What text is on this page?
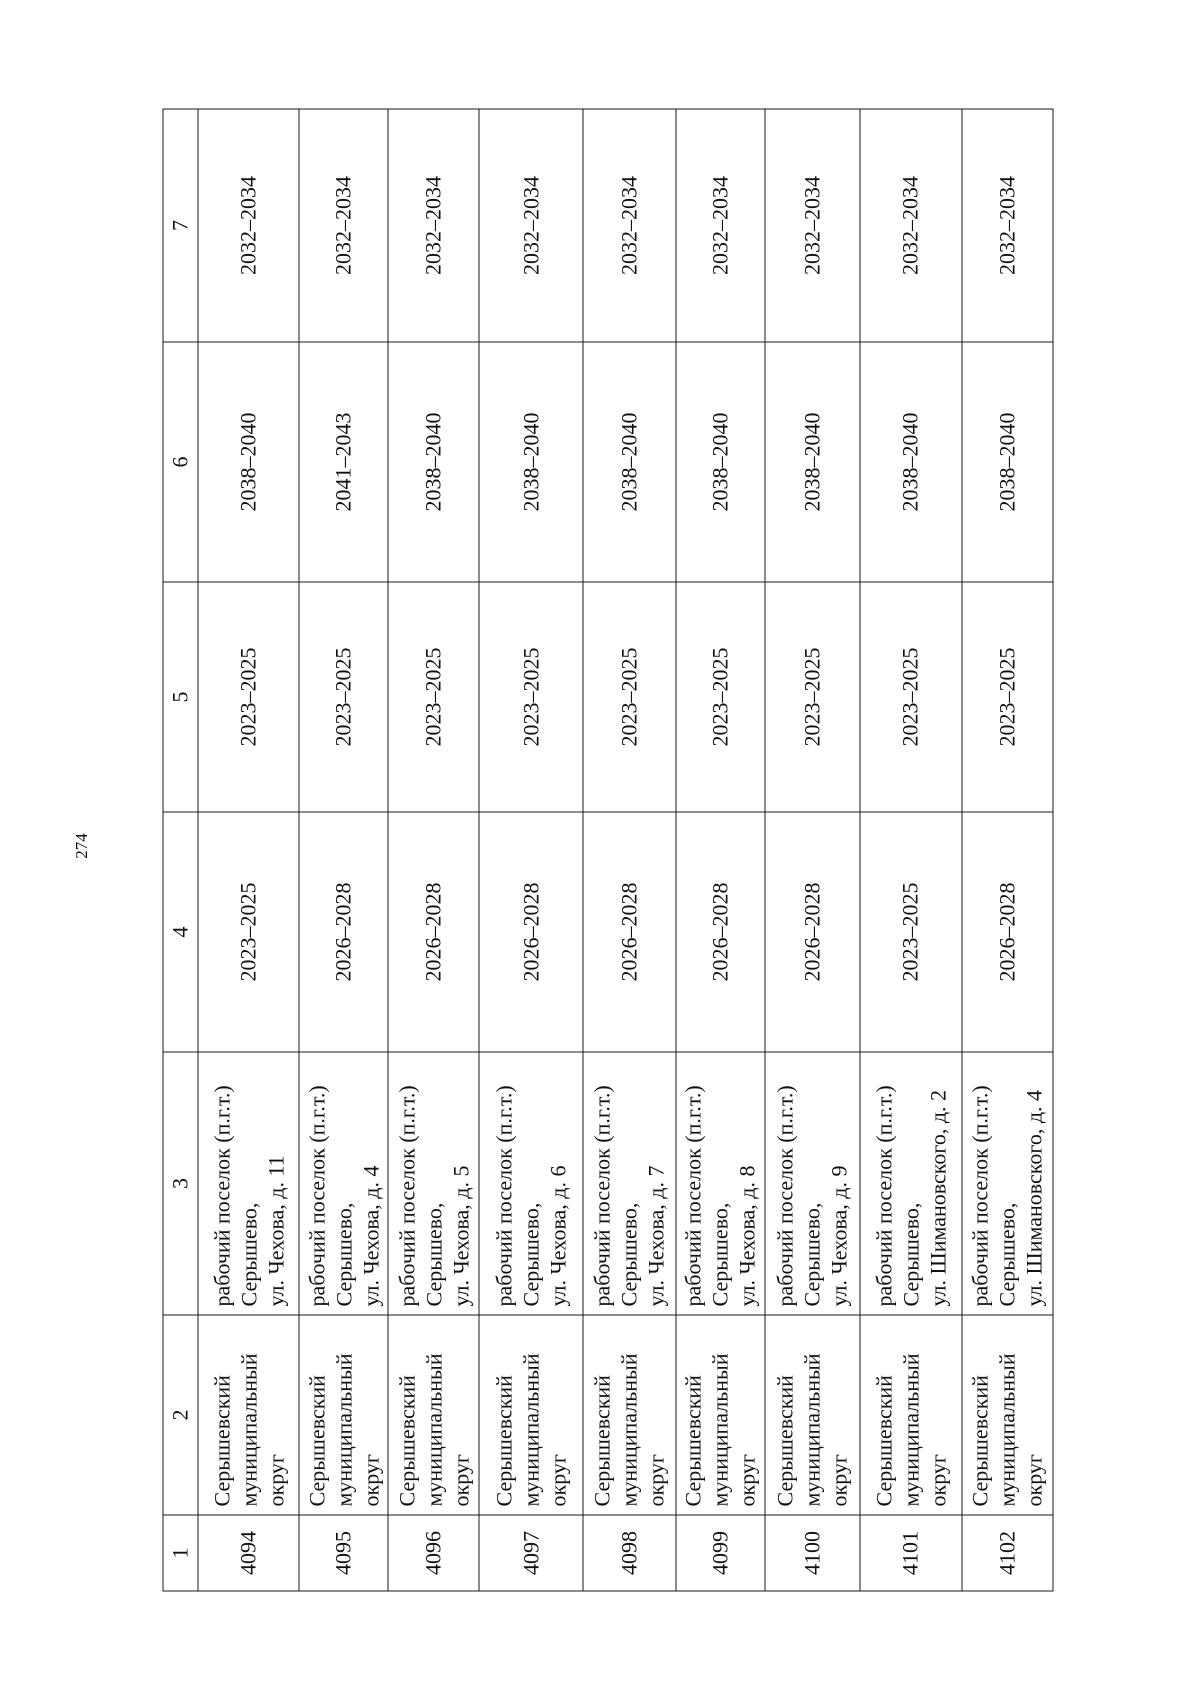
274
1	2	3	4	5	6	7
4094	Серышевский муниципальный округ	рабочий поселок (п.г.т.) Серышево, ул. Чехова, д. 11	2023–2025	2023–2025	2038–2040	2032–2034
4095	Серышевский муниципальный округ	рабочий поселок (п.г.т.) Серышево, ул. Чехова, д. 4	2026–2028	2023–2025	2041–2043	2032–2034
4096	Серышевский муниципальный округ	рабочий поселок (п.г.т.) Серышево, ул. Чехова, д. 5	2026–2028	2023–2025	2038–2040	2032–2034
4097	Серышевский муниципальный округ	рабочий поселок (п.г.т.) Серышево, ул. Чехова, д. 6	2026–2028	2023–2025	2038–2040	2032–2034
4098	Серышевский муниципальный округ	рабочий поселок (п.г.т.) Серышево, ул. Чехова, д. 7	2026–2028	2023–2025	2038–2040	2032–2034
4099	Серышевский муниципальный округ	рабочий поселок (п.г.т.) Серышево, ул. Чехова, д. 8	2026–2028	2023–2025	2038–2040	2032–2034
4100	Серышевский муниципальный округ	рабочий поселок (п.г.т.) Серышево, ул. Чехова, д. 9	2026–2028	2023–2025	2038–2040	2032–2034
4101	Серышевский муниципальный округ	рабочий поселок (п.г.т.) Серышево, ул. Шимановского, д. 2	2023–2025	2023–2025	2038–2040	2032–2034
4102	Серышевский муниципальный округ	рабочий поселок (п.г.т.) Серышево, ул. Шимановского, д. 4	2026–2028	2023–2025	2038–2040	2032–2034
